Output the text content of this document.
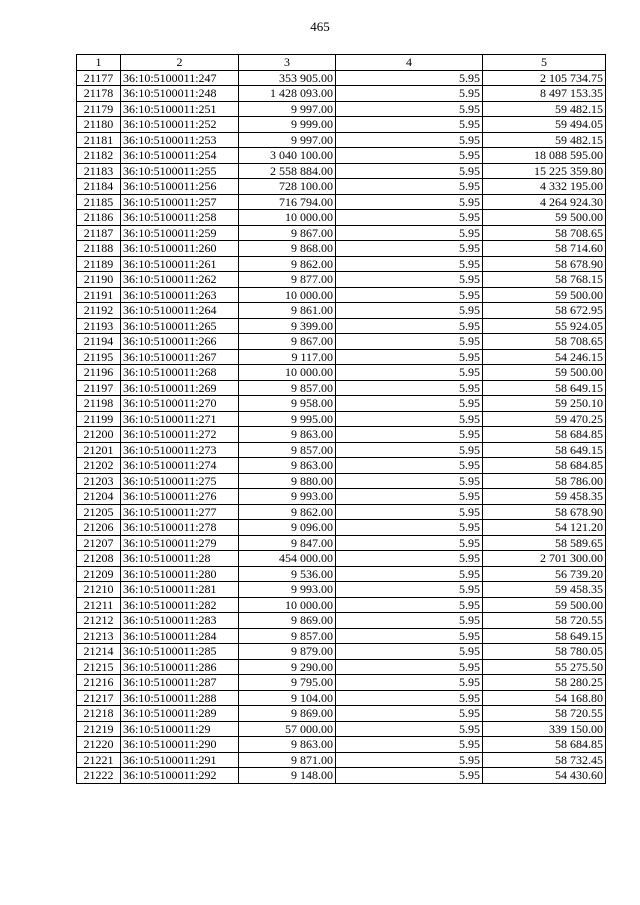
465
1	2	3	4	5
21177	36:10:5100011:247	353 905.00	5.95	2 105 734.75
21178	36:10:5100011:248	1 428 093.00	5.95	8 497 153.35
21179	36:10:5100011:251	9 997.00	5.95	59 482.15
21180	36:10:5100011:252	9 999.00	5.95	59 494.05
21181	36:10:5100011:253	9 997.00	5.95	59 482.15
21182	36:10:5100011:254	3 040 100.00	5.95	18 088 595.00
21183	36:10:5100011:255	2 558 884.00	5.95	15 225 359.80
21184	36:10:5100011:256	728 100.00	5.95	4 332 195.00
21185	36:10:5100011:257	716 794.00	5.95	4 264 924.30
21186	36:10:5100011:258	10 000.00	5.95	59 500.00
21187	36:10:5100011:259	9 867.00	5.95	58 708.65
21188	36:10:5100011:260	9 868.00	5.95	58 714.60
21189	36:10:5100011:261	9 862.00	5.95	58 678.90
21190	36:10:5100011:262	9 877.00	5.95	58 768.15
21191	36:10:5100011:263	10 000.00	5.95	59 500.00
21192	36:10:5100011:264	9 861.00	5.95	58 672.95
21193	36:10:5100011:265	9 399.00	5.95	55 924.05
21194	36:10:5100011:266	9 867.00	5.95	58 708.65
21195	36:10:5100011:267	9 117.00	5.95	54 246.15
21196	36:10:5100011:268	10 000.00	5.95	59 500.00
21197	36:10:5100011:269	9 857.00	5.95	58 649.15
21198	36:10:5100011:270	9 958.00	5.95	59 250.10
21199	36:10:5100011:271	9 995.00	5.95	59 470.25
21200	36:10:5100011:272	9 863.00	5.95	58 684.85
21201	36:10:5100011:273	9 857.00	5.95	58 649.15
21202	36:10:5100011:274	9 863.00	5.95	58 684.85
21203	36:10:5100011:275	9 880.00	5.95	58 786.00
21204	36:10:5100011:276	9 993.00	5.95	59 458.35
21205	36:10:5100011:277	9 862.00	5.95	58 678.90
21206	36:10:5100011:278	9 096.00	5.95	54 121.20
21207	36:10:5100011:279	9 847.00	5.95	58 589.65
21208	36:10:5100011:28	454 000.00	5.95	2 701 300.00
21209	36:10:5100011:280	9 536.00	5.95	56 739.20
21210	36:10:5100011:281	9 993.00	5.95	59 458.35
21211	36:10:5100011:282	10 000.00	5.95	59 500.00
21212	36:10:5100011:283	9 869.00	5.95	58 720.55
21213	36:10:5100011:284	9 857.00	5.95	58 649.15
21214	36:10:5100011:285	9 879.00	5.95	58 780.05
21215	36:10:5100011:286	9 290.00	5.95	55 275.50
21216	36:10:5100011:287	9 795.00	5.95	58 280.25
21217	36:10:5100011:288	9 104.00	5.95	54 168.80
21218	36:10:5100011:289	9 869.00	5.95	58 720.55
21219	36:10:5100011:29	57 000.00	5.95	339 150.00
21220	36:10:5100011:290	9 863.00	5.95	58 684.85
21221	36:10:5100011:291	9 871.00	5.95	58 732.45
21222	36:10:5100011:292	9 148.00	5.95	54 430.60
